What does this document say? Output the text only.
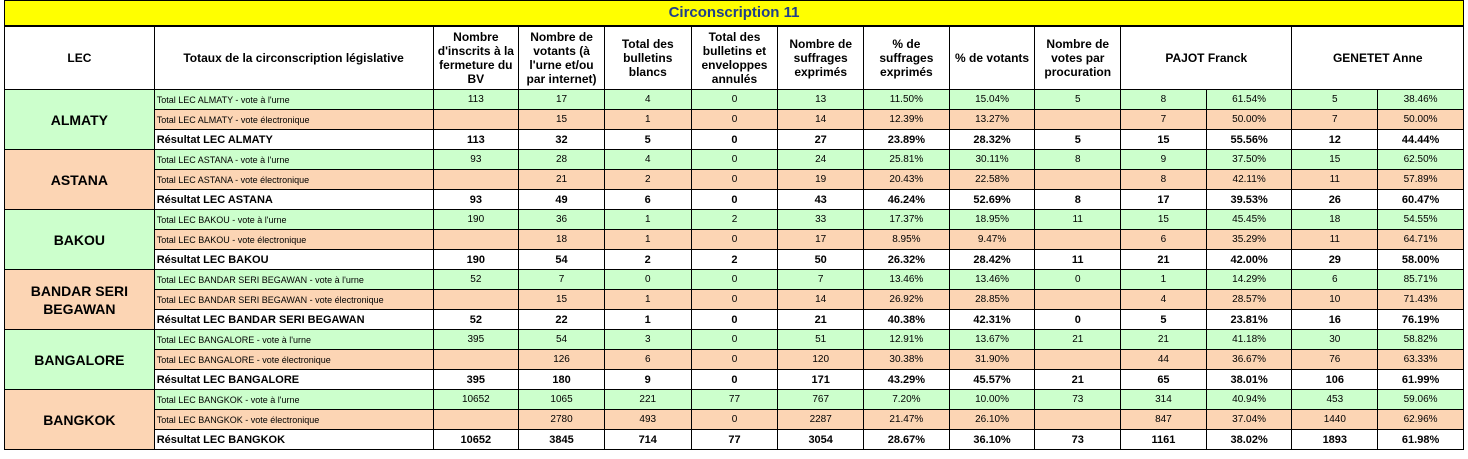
Circonscription 11
LEC	Totaux de la circonscription législative	Nombre d'inscrits à la fermeture du BV	Nombre de votants (à l'urne et/ou par internet)	Total des bulletins blancs	Total des bulletins et enveloppes annulés	Nombre de suffrages exprimés	% de suffrages exprimés	% de votants	Nombre de votes par procuration	PAJOT Franck		GENETET Anne	
ALMATY	Total LEC ALMATY - vote à l'urne	113	17	4	0	13	11.50%	15.04%	5	8	61.54%	5	38.46%
	Total LEC ALMATY - vote électronique		15	1	0	14	12.39%	13.27%		7	50.00%	7	50.00%
	Résultat LEC ALMATY	113	32	5	0	27	23.89%	28.32%	5	15	55.56%	12	44.44%
ASTANA	Total LEC ASTANA - vote à l'urne	93	28	4	0	24	25.81%	30.11%	8	9	37.50%	15	62.50%
	Total LEC ASTANA - vote électronique		21	2	0	19	20.43%	22.58%		8	42.11%	11	57.89%
	Résultat LEC ASTANA	93	49	6	0	43	46.24%	52.69%	8	17	39.53%	26	60.47%
BAKOU	Total LEC BAKOU - vote à l'urne	190	36	1	2	33	17.37%	18.95%	11	15	45.45%	18	54.55%
	Total LEC BAKOU - vote électronique		18	1	0	17	8.95%	9.47%		6	35.29%	11	64.71%
	Résultat LEC BAKOU	190	54	2	2	50	26.32%	28.42%	11	21	42.00%	29	58.00%
BANDAR SERI BEGAWAN	Total LEC BANDAR SERI BEGAWAN - vote à l'urne	52	7	0	0	7	13.46%	13.46%	0	1	14.29%	6	85.71%
	Total LEC BANDAR SERI BEGAWAN - vote électronique		15	1	0	14	26.92%	28.85%		4	28.57%	10	71.43%
	Résultat LEC BANDAR SERI BEGAWAN	52	22	1	0	21	40.38%	42.31%	0	5	23.81%	16	76.19%
BANGALORE	Total LEC BANGALORE - vote à l'urne	395	54	3	0	51	12.91%	13.67%	21	21	41.18%	30	58.82%
	Total LEC BANGALORE - vote électronique		126	6	0	120	30.38%	31.90%		44	36.67%	76	63.33%
	Résultat LEC BANGALORE	395	180	9	0	171	43.29%	45.57%	21	65	38.01%	106	61.99%
BANGKOK	Total LEC BANGKOK - vote à l'urne	10652	1065	221	77	767	7.20%	10.00%	73	314	40.94%	453	59.06%
	Total LEC BANGKOK - vote électronique		2780	493	0	2287	21.47%	26.10%		847	37.04%	1440	62.96%
	Résultat LEC BANGKOK	10652	3845	714	77	3054	28.67%	36.10%	73	1161	38.02%	1893	61.98%
